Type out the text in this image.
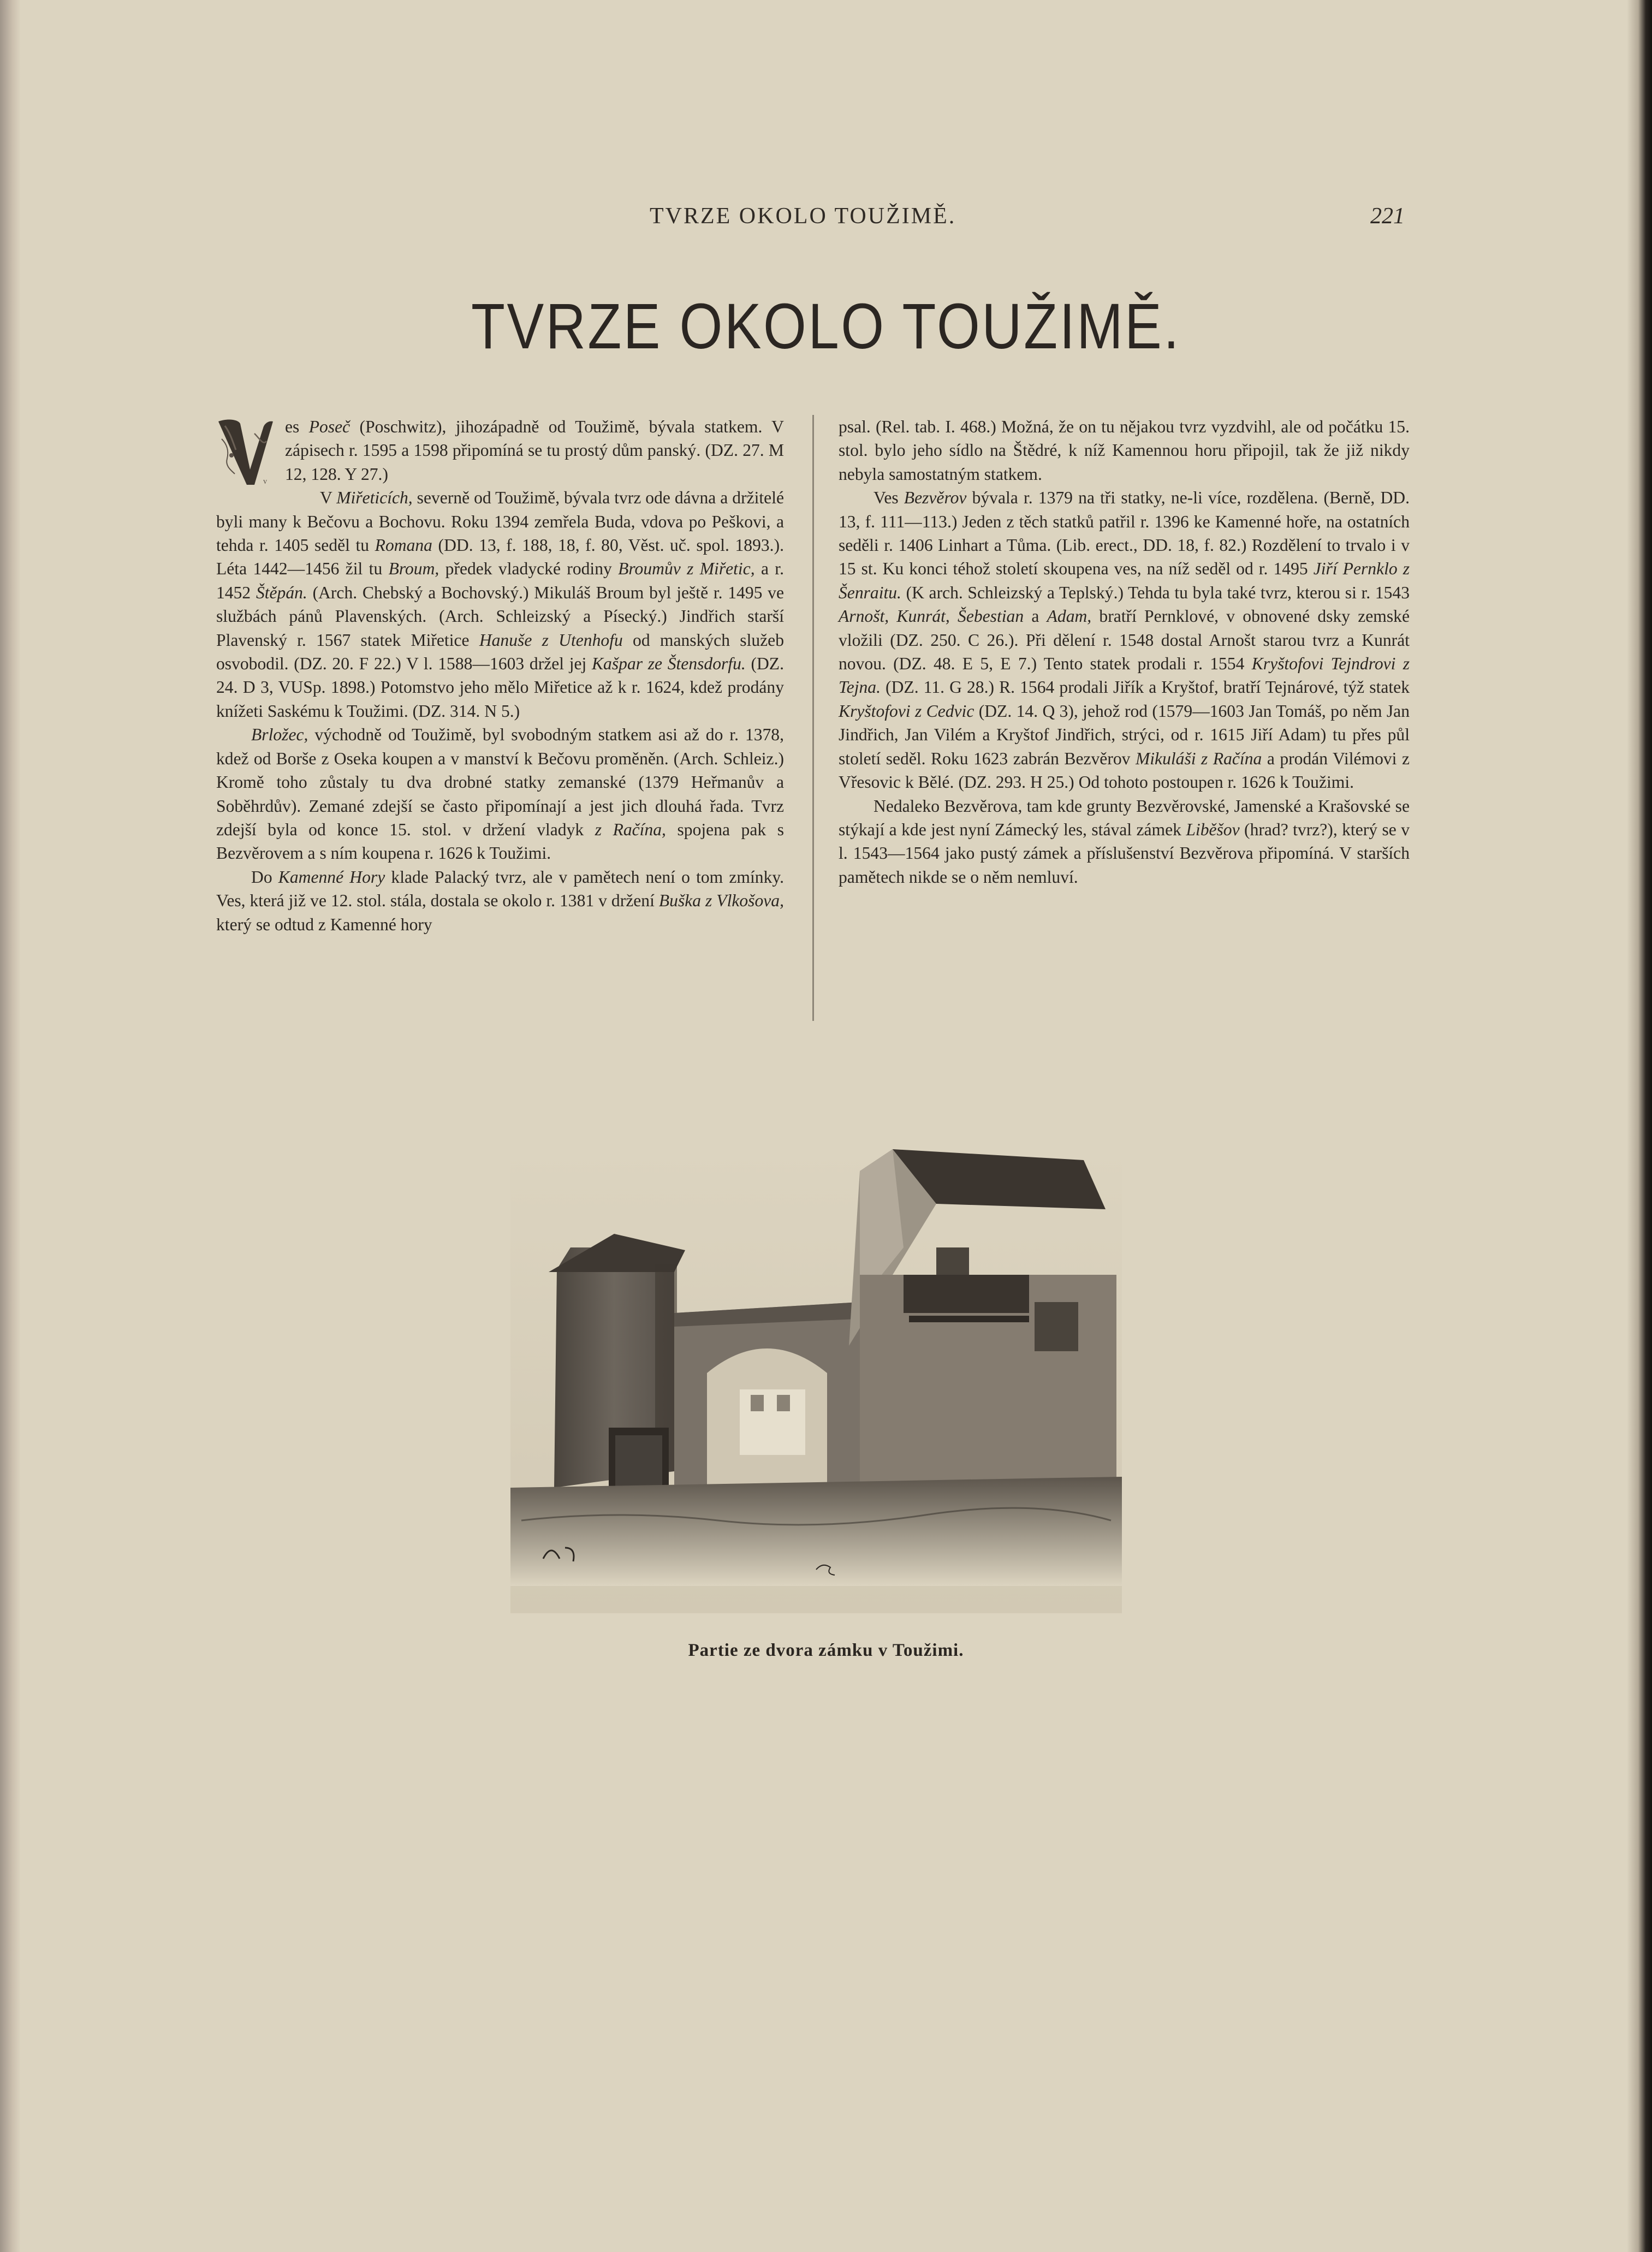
TVRZE OKOLO TOUŽIMĚ.	221
TVRZE OKOLO TOUŽIMĚ.

V
es Poseč (Poschwitz), jihozápadně od Toužimě, bývala statkem. V zápisech r. 1595 a 1598 připomíná se tu prostý dům panský. (DZ. 27. M 12, 128. Y 27.)

V Miřeticích, severně od Toužimě, bývala tvrz ode dávna a držitelé byli many k Bečovu a Bochovu. Roku 1394 zemřela Buda, vdova po Peškovi, a tehda r. 1405 seděl tu Romana (DD. 13, f. 188, 18, f. 80, Věst. uč. spol. 1893.). Léta 1442—1456 žil tu Broum, předek vladycké rodiny Broumův z Miřetic, a r. 1452 Štěpán. (Arch. Chebský a Bochovský.) Mikuláš Broum byl ještě r. 1495 ve službách pánů Plavenských. (Arch. Schleizský a Písecký.) Jindřich starší Plavenský r. 1567 statek Miřetice Hanuše z Utenhofu od manských služeb osvobodil. (DZ. 20. F 22.) V l. 1588—1603 držel jej Kašpar ze Štensdorfu. (DZ. 24. D 3, VUSp. 1898.) Potomstvo jeho mělo Miřetice až k r. 1624, kdež prodány knížeti Saskému k Toužimi. (DZ. 314. N 5.)

Brložec, východně od Toužimě, byl svobodným statkem asi až do r. 1378, kdež od Borše z Oseka koupen a v manství k Bečovu proměněn. (Arch. Schleiz.) Kromě toho zůstaly tu dva drobné statky zemanské (1379 Heřmanův a Soběhrdův). Zemané zdejší se často připomínají a jest jich dlouhá řada. Tvrz zdejší byla od konce 15. stol. v držení vladyk z Račína, spojena pak s Bezvěrovem a s ním koupena r. 1626 k Toužimi.

Do Kamenné Hory klade Palacký tvrz, ale v pamětech není o tom zmínky. Ves, která již ve 12. stol. stála, dostala se okolo r. 1381 v držení Buška z Vlkošova, který se odtud z Kamenné hory

psal. (Rel. tab. I. 468.) Možná, že on tu nějakou tvrz vyzdvihl, ale od počátku 15. stol. bylo jeho sídlo na Štědré, k níž Kamennou horu připojil, tak že již nikdy nebyla samostatným statkem.

Ves Bezvěrov bývala r. 1379 na tři statky, ne-li více, rozdělena. (Berně, DD. 13, f. 111—113.) Jeden z těch statků patřil r. 1396 ke Kamenné hoře, na ostatních seděli r. 1406 Linhart a Tůma. (Lib. erect., DD. 18, f. 82.) Rozdělení to trvalo i v 15 st. Ku konci téhož století skoupena ves, na níž seděl od r. 1495 Jiří Pernklo z Šenraitu. (K arch. Schleizský a Teplský.) Tehda tu byla také tvrz, kterou si r. 1543 Arnošt, Kunrát, Šebestian a Adam, bratří Pernklové, v obnovené dsky zemské vložili (DZ. 250. C 26.). Při dělení r. 1548 dostal Arnošt starou tvrz a Kunrát novou. (DZ. 48. E 5, E 7.) Tento statek prodali r. 1554 Kryštofovi Tejndrovi z Tejna. (DZ. 11. G 28.) R. 1564 prodali Jiřík a Kryštof, bratří Tejnárové, týž statek Kryštofovi z Cedvic (DZ. 14. Q 3), jehož rod (1579—1603 Jan Tomáš, po něm Jan Jindřich, Jan Vilém a Kryštof Jindřich, strýci, od r. 1615 Jiří Adam) tu přes půl století seděl. Roku 1623 zabrán Bezvěrov Mikuláši z Račína a prodán Vilémovi z Vřesovic k Bělé. (DZ. 293. H 25.) Od tohoto postoupen r. 1626 k Toužimi.

Nedaleko Bezvěrova, tam kde grunty Bezvěrovské, Jamenské a Krašovské se stýkají a kde jest nyní Zámecký les, stával zámek Liběšov (hrad? tvrz?), který se v l. 1543—1564 jako pustý zámek a příslušenství Bezvěrova připomíná. V starších pamětech nikde se o něm nemluví.

Partie ze dvora zámku v Toužimi.
